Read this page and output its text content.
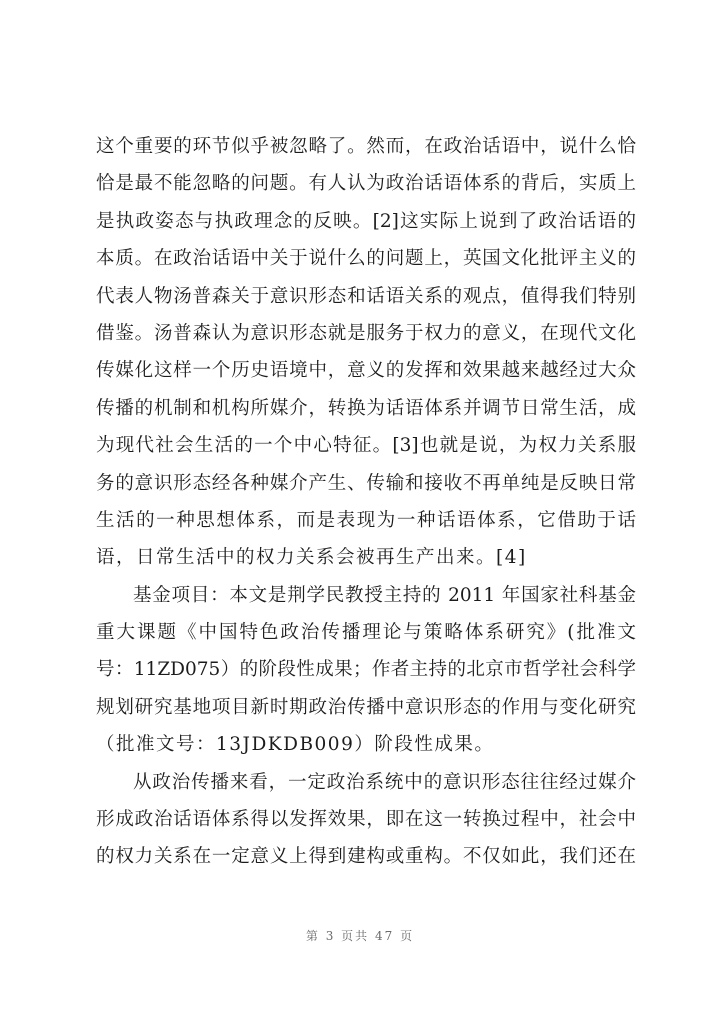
这个重要的环节似乎被忽略了。然而，在政治话语中，说什么恰
恰是最不能忽略的问题。有人认为政治话语体系的背后，实质上
是执政姿态与执政理念的反映。[2]这实际上说到了政治话语的
本质。在政治话语中关于说什么的问题上，英国文化批评主义的
代表人物汤普森关于意识形态和话语关系的观点，值得我们特别
借鉴。汤普森认为意识形态就是服务于权力的意义，在现代文化
传媒化这样一个历史语境中，意义的发挥和效果越来越经过大众
传播的机制和机构所媒介，转换为话语体系并调节日常生活，成
为现代社会生活的一个中心特征。[3]也就是说，为权力关系服
务的意识形态经各种媒介产生、传输和接收不再单纯是反映日常
生活的一种思想体系，而是表现为一种话语体系，它借助于话
语，日常生活中的权力关系会被再生产出来。[4]
基金项目：本文是荆学民教授主持的 2011 年国家社科基金
重大课题《中国特色政治传播理论与策略体系研究》(批准文
号：11ZD075）的阶段性成果；作者主持的北京市哲学社会科学
规划研究基地项目新时期政治传播中意识形态的作用与变化研究
（批准文号：13JDKDB009）阶段性成果。
从政治传播来看，一定政治系统中的意识形态往往经过媒介
形成政治话语体系得以发挥效果，即在这一转换过程中，社会中
的权力关系在一定意义上得到建构或重构。不仅如此，我们还在
第 3 页共 47 页
